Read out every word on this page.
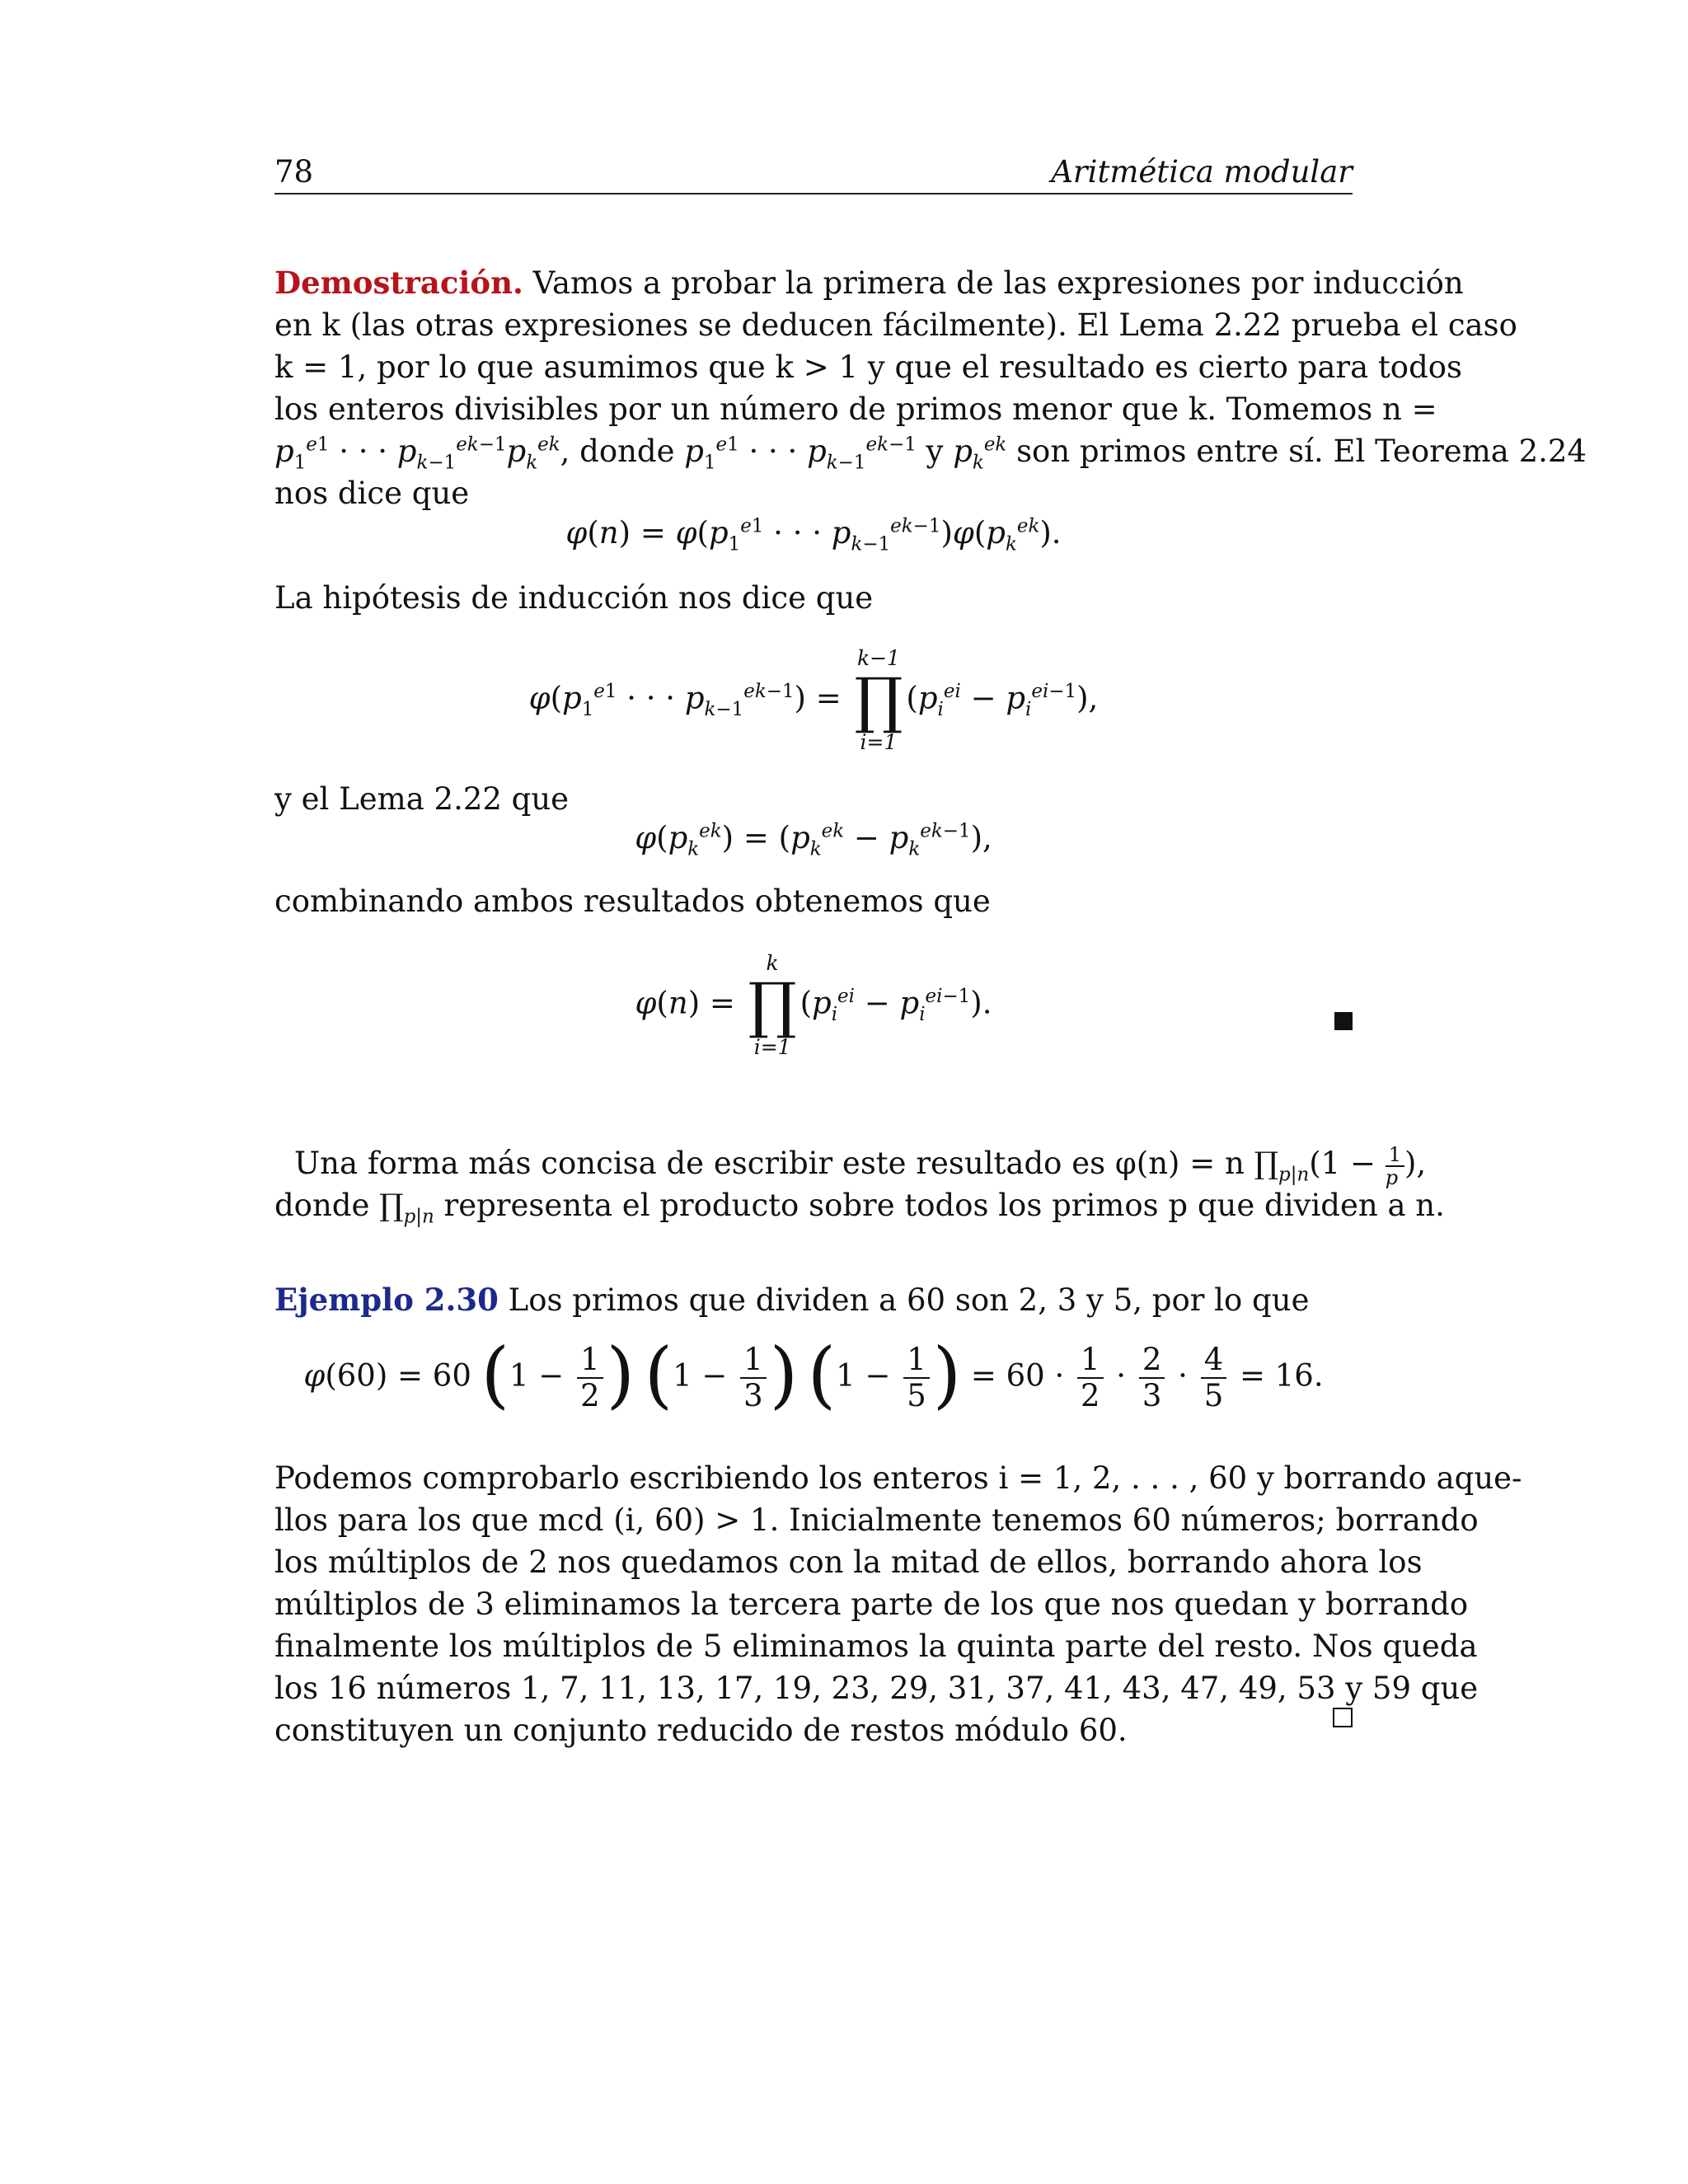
78	Aritmética modular
Demostración. Vamos a probar la primera de las expresiones por inducción
en k (las otras expresiones se deducen fácilmente). El Lema 2.22 prueba el caso
k = 1, por lo que asumimos que k > 1 y que el resultado es cierto para todos
los enteros divisibles por un número de primos menor que k. Tomemos n =
$p_1^{e1}$ · · · $p_{k-1}^{ek-1}p_k^{ek}$, donde $p_1^{e1}$ · · · $p_{k-1}^{ek-1}$ y $p_k^{ek}$ son primos entre sí. El Teorema 2.24
nos dice que
$\varphi(n) = \varphi(p_1^{e1}$ · · · $p_{k-1}^{ek-1})\varphi(p_k^{ek})$.
La hipótesis de inducción nos dice que
$\varphi(p_1^{e1}$ · · · $p_{k-1}^{ek-1}$) =
k−1
∏
i=1
$(p_i^{ei} - p_i^{ei-1})$,
y el Lema 2.22 que
$\varphi(p_k^{ek}) = (p_k^{ek} - p_k^{ek-1})$,
combinando ambos resultados obtenemos que
φ(n) =
k
∏
i=1
$(p_i^{ei} - p_i^{ei-1})$.
Una forma más concisa de escribir este resultado es φ(n) = n $\prod_{p|n}(1 - \frac{1}{p}$ ),
donde $\prod_{p|n}$ representa el producto sobre todos los primos p que dividen a n.
Ejemplo 2.30 Los primos que dividen a 60 son 2, 3 y 5, por lo que
φ(60) = 60 ($1 - \frac{1}{2}$ ) ($1 - \frac{1}{3}$ ) ($1 - \frac{1}{5}$ ) = $60 \cdot \frac{1}{2} \cdot \frac{2}{3} \cdot \frac{4}{5} = 16$.
Podemos comprobarlo escribiendo los enteros i = 1, 2, . . . , 60 y borrando aque-
llos para los que mcd (i, 60) > 1. Inicialmente tenemos 60 números; borrando
los múltiplos de 2 nos quedamos con la mitad de ellos, borrando ahora los
múltiplos de 3 eliminamos la tercera parte de los que nos quedan y borrando
finalmente los múltiplos de 5 eliminamos la quinta parte del resto. Nos queda
los 16 números 1, 7, 11, 13, 17, 19, 23, 29, 31, 37, 41, 43, 47, 49, 53 y 59 que
constituyen un conjunto reducido de restos módulo 60.
